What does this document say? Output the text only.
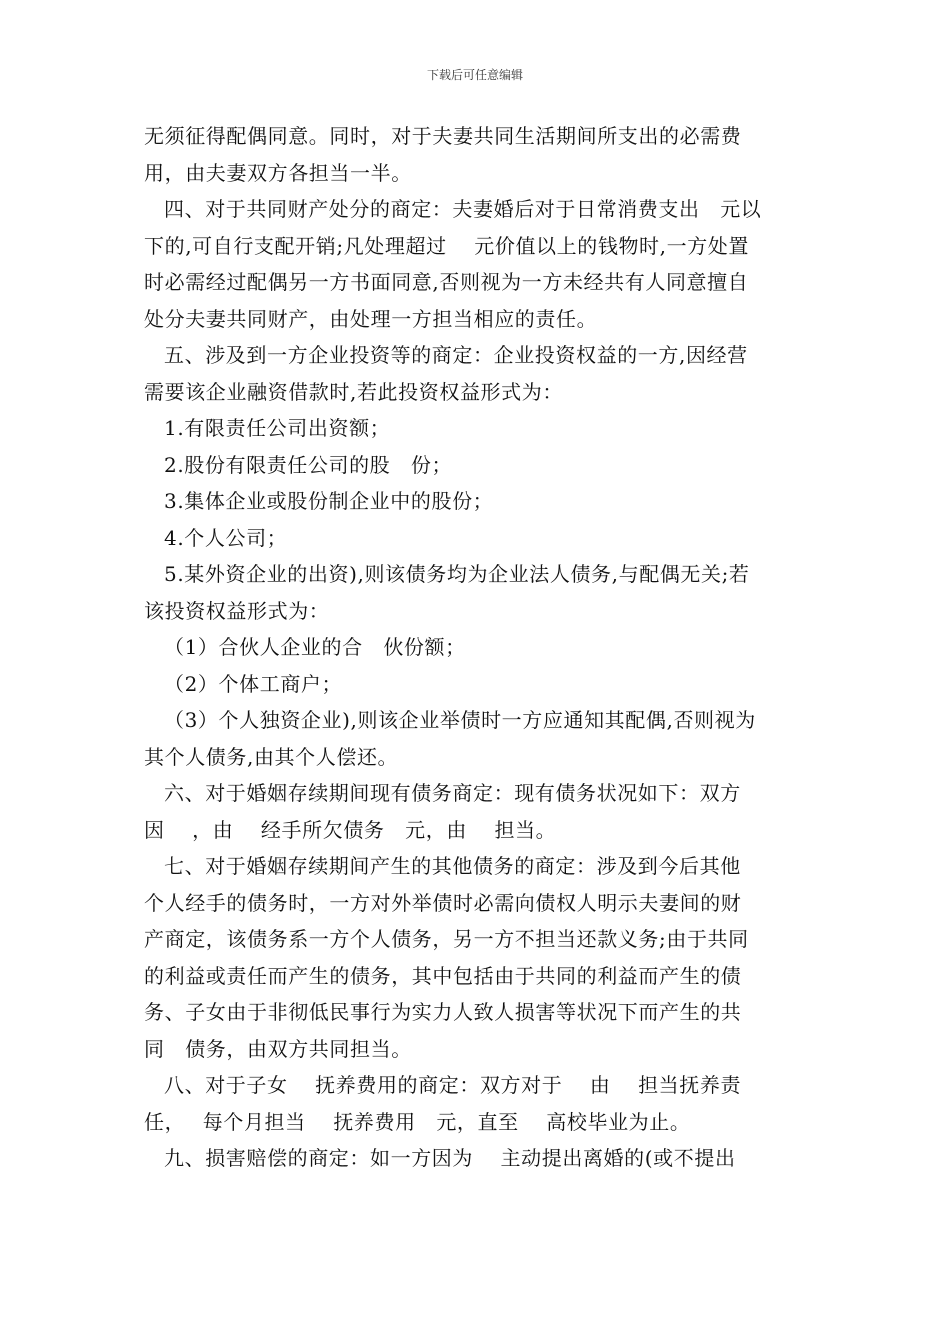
下载后可任意编辑
无须征得配偶同意。同时，对于夫妻共同生活期间所支出的必需费
用，由夫妻双方各担当一半。
四、对于共同财产处分的商定：夫妻婚后对于日常消费支出　元以
下的,可自行支配开销;凡处理超过　 元价值以上的钱物时,一方处置
时必需经过配偶另一方书面同意,否则视为一方未经共有人同意擅自
处分夫妻共同财产，由处理一方担当相应的责任。
五、涉及到一方企业投资等的商定：企业投资权益的一方,因经营
需要该企业融资借款时,若此投资权益形式为：
1.有限责任公司出资额；
2.股份有限责任公司的股　份；
3.集体企业或股份制企业中的股份；
4.个人公司；
5.某外资企业的出资),则该债务均为企业法人债务,与配偶无关;若
该投资权益形式为：
（1）合伙人企业的合　伙份额；
（2）个体工商户；
（3）个人独资企业),则该企业举债时一方应通知其配偶,否则视为
其个人债务,由其个人偿还。
六、对于婚姻存续期间现有债务商定：现有债务状况如下：双方
因　 ，由　 经手所欠债务　元，由　 担当。
七、对于婚姻存续期间产生的其他债务的商定：涉及到今后其他
个人经手的债务时，一方对外举债时必需向债权人明示夫妻间的财
产商定，该债务系一方个人债务，另一方不担当还款义务;由于共同
的利益或责任而产生的债务，其中包括由于共同的利益而产生的债
务、子女由于非彻低民事行为实力人致人损害等状况下而产生的共
同　债务，由双方共同担当。
八、对于子女　 抚养费用的商定：双方对于　 由　 担当抚养责
任，　 每个月担当　 抚养费用　元，直至　 高校毕业为止。
九、损害赔偿的商定：如一方因为　 主动提出离婚的(或不提出
